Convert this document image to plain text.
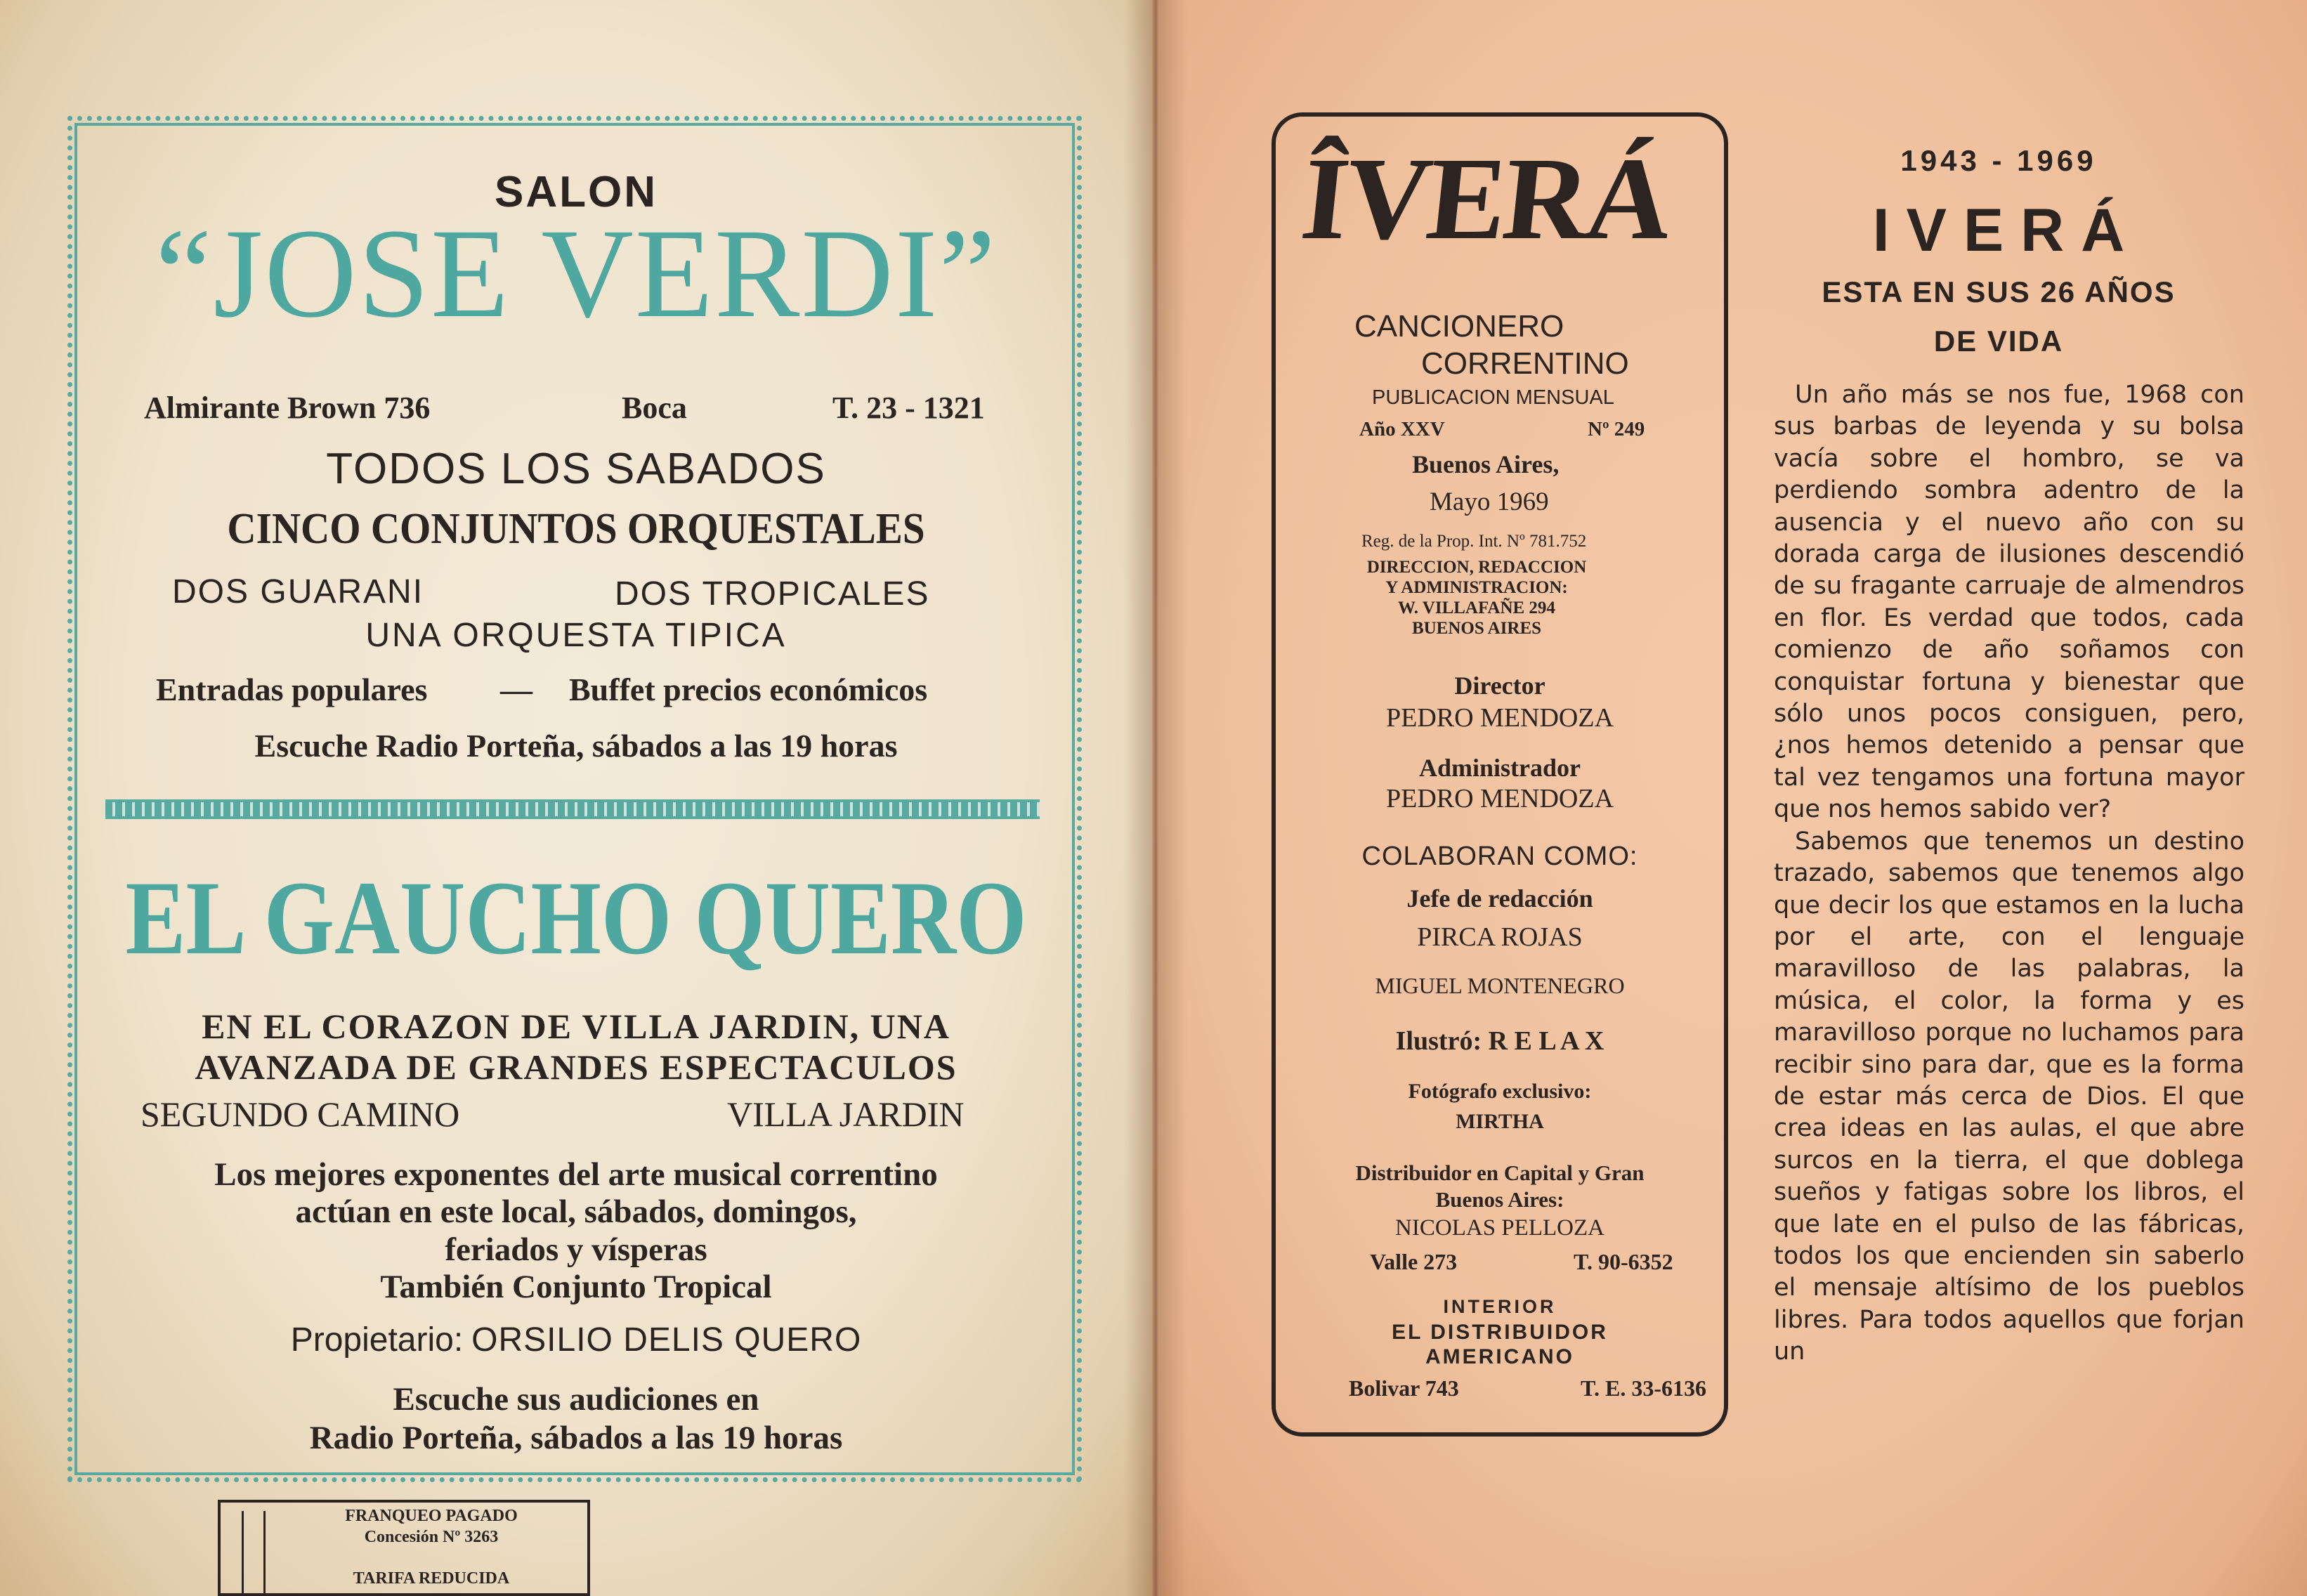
SALON
“JOSE VERDI”
Almirante Brown 736	Boca	T. 23 - 1321
TODOS LOS SABADOS
CINCO CONJUNTOS ORQUESTALES
DOS GUARANI	DOS TROPICALES
UNA ORQUESTA TIPICA
Entradas populares — Buffet precios económicos
Escuche Radio Porteña, sábados a las 19 horas
EL GAUCHO QUERO
EN EL CORAZON DE VILLA JARDIN, UNA
AVANZADA DE GRANDES ESPECTACULOS
SEGUNDO CAMINO	VILLA JARDIN
Los mejores exponentes del arte musical correntino
actúan en este local, sábados, domingos,
feriados y vísperas
También Conjunto Tropical
Propietario: ORSILIO DELIS QUERO
Escuche sus audiciones en
Radio Porteña, sábados a las 19 horas
FRANQUEO PAGADO
Concesión Nº 3263
TARIFA REDUCIDA
ÎVERÁ
CANCIONERO
CORRENTINO
PUBLICACION MENSUAL
Año XXV	Nº 249
Buenos Aires,
Mayo 1969
Reg. de la Prop. Int. Nº 781.752
DIRECCION, REDACCION
Y ADMINISTRACION:
W. VILLAFAÑE 294
BUENOS AIRES
Director
PEDRO MENDOZA
Administrador
PEDRO MENDOZA
COLABORAN COMO:
Jefe de redacción
PIRCA ROJAS
MIGUEL MONTENEGRO
Ilustró: R E L A X
Fotógrafo exclusivo:
MIRTHA
Distribuidor en Capital y Gran
Buenos Aires:
NICOLAS PELLOZA
Valle 273	T. 90-6352
INTERIOR
EL DISTRIBUIDOR
AMERICANO
Bolivar 743	T. E. 33-6136
1943 - 1969
I V E R Á
ESTA EN SUS 26 AÑOS
DE VIDA

Un año más se nos fue, 1968 con sus barbas de leyenda y su bolsa vacía sobre el hombro, se va perdiendo sombra adentro de la ausencia y el nuevo año con su dorada carga de ilusiones descendió de su fragante carruaje de almendros en flor. Es verdad que todos, cada comienzo de año soñamos con conquistar fortuna y bienestar que sólo unos pocos consiguen, pero, ¿nos hemos detenido a pensar que tal vez tengamos una fortuna mayor que nos hemos sabido ver?

Sabemos que tenemos un destino trazado, sabemos que tenemos algo que decir los que estamos en la lucha por el arte, con el lenguaje maravilloso de las palabras, la música, el color, la forma y es maravilloso porque no luchamos para recibir sino para dar, que es la forma de estar más cerca de Dios. El que crea ideas en las aulas, el que abre surcos en la tierra, el que doblega sueños y fatigas sobre los libros, el que late en el pulso de las fábricas, todos los que encienden sin saberlo el mensaje altísimo de los pueblos libres. Para todos aquellos que forjan un
